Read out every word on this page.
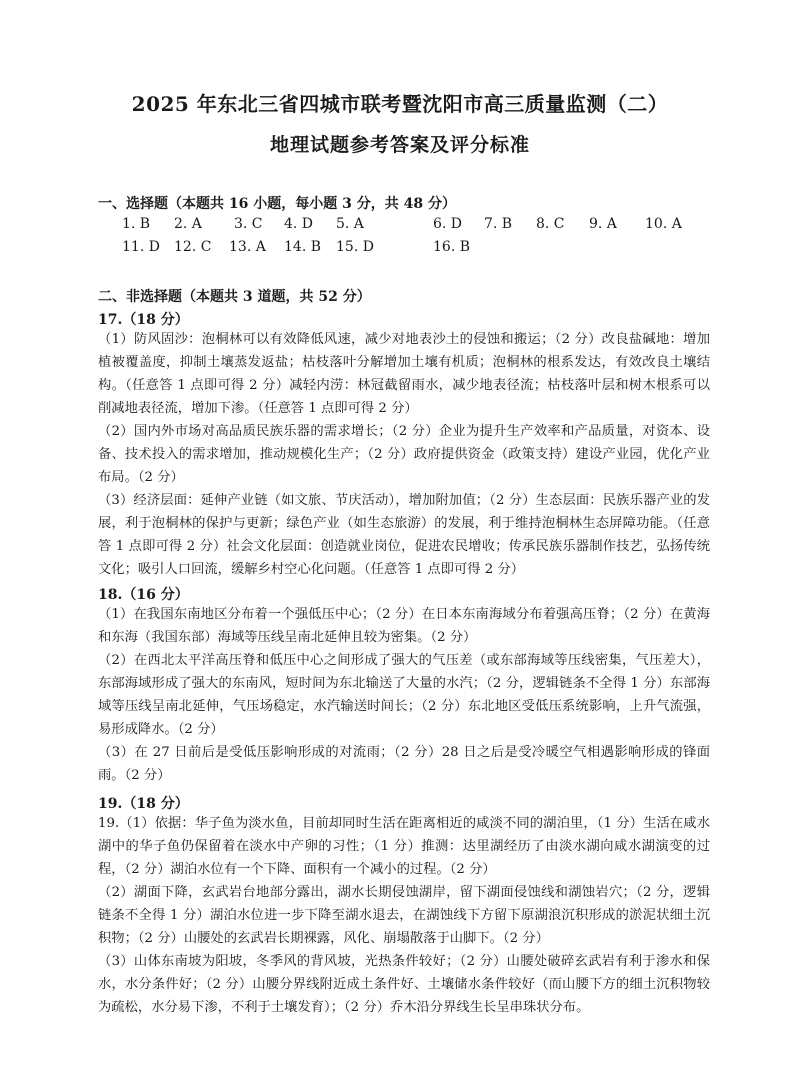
2025 年东北三省四城市联考暨沈阳市高三质量监测（二）
地理试题参考答案及评分标准
一、选择题（本题共 16 小题，每小题 3 分，共 48 分）
1. B 2. A 3. C 4. D 5. A	6. D 7. B 8. C 9. A 10. A
11. D 12. C 13. A 14. B 15. D	16. B
二、非选择题（本题共 3 道题，共 52 分）
17.（18 分）
（1）防风固沙：泡桐林可以有效降低风速，减少对地表沙土的侵蚀和搬运；（2 分）改良盐碱地：增加植被覆盖度，抑制土壤蒸发返盐；枯枝落叶分解增加土壤有机质；泡桐林的根系发达，有效改良土壤结构。（任意答 1 点即可得 2 分）减轻内涝：林冠截留雨水，减少地表径流；枯枝落叶层和树木根系可以削减地表径流，增加下渗。（任意答 1 点即可得 2 分）
（2）国内外市场对高品质民族乐器的需求增长；（2 分）企业为提升生产效率和产品质量，对资本、设备、技术投入的需求增加，推动规模化生产；（2 分）政府提供资金（政策支持）建设产业园，优化产业布局。（2 分）
（3）经济层面：延伸产业链（如文旅、节庆活动），增加附加值；（2 分）生态层面：民族乐器产业的发展，利于泡桐林的保护与更新；绿色产业（如生态旅游）的发展，利于维持泡桐林生态屏障功能。（任意答 1 点即可得 2 分）社会文化层面：创造就业岗位，促进农民增收；传承民族乐器制作技艺，弘扬传统文化；吸引人口回流，缓解乡村空心化问题。（任意答 1 点即可得 2 分）
18.（16 分）
（1）在我国东南地区分布着一个强低压中心；（2 分）在日本东南海域分布着强高压脊；（2 分）在黄海和东海（我国东部）海域等压线呈南北延伸且较为密集。（2 分）
（2）在西北太平洋高压脊和低压中心之间形成了强大的气压差（或东部海域等压线密集，气压差大），东部海域形成了强大的东南风，短时间为东北输送了大量的水汽；（2 分，逻辑链条不全得 1 分）东部海域等压线呈南北延伸，气压场稳定，水汽输送时间长；（2 分）东北地区受低压系统影响，上升气流强，易形成降水。（2 分）
（3）在 27 日前后是受低压影响形成的对流雨；（2 分）28 日之后是受冷暖空气相遇影响形成的锋面雨。（2 分）
19.（18 分）
19.（1）依据：华子鱼为淡水鱼，目前却同时生活在距离相近的咸淡不同的湖泊里，（1 分）生活在咸水湖中的华子鱼仍保留着在淡水中产卵的习性；（1 分）推测：达里湖经历了由淡水湖向咸水湖演变的过程，（2 分）湖泊水位有一个下降、面积有一个减小的过程。（2 分）
（2）湖面下降，玄武岩台地部分露出，湖水长期侵蚀湖岸，留下湖面侵蚀线和湖蚀岩穴；（2 分，逻辑链条不全得 1 分）湖泊水位进一步下降至湖水退去，在湖蚀线下方留下原湖浪沉积形成的淤泥状细土沉积物；（2 分）山腰处的玄武岩长期裸露，风化、崩塌散落于山脚下。（2 分）
（3）山体东南坡为阳坡，冬季风的背风坡，光热条件较好；（2 分）山腰处破碎玄武岩有利于渗水和保水，水分条件好；（2 分）山腰分界线附近成土条件好、土壤储水条件较好（而山腰下方的细土沉积物较为疏松，水分易下渗，不利于土壤发育）；（2 分）乔木沿分界线生长呈串珠状分布。
